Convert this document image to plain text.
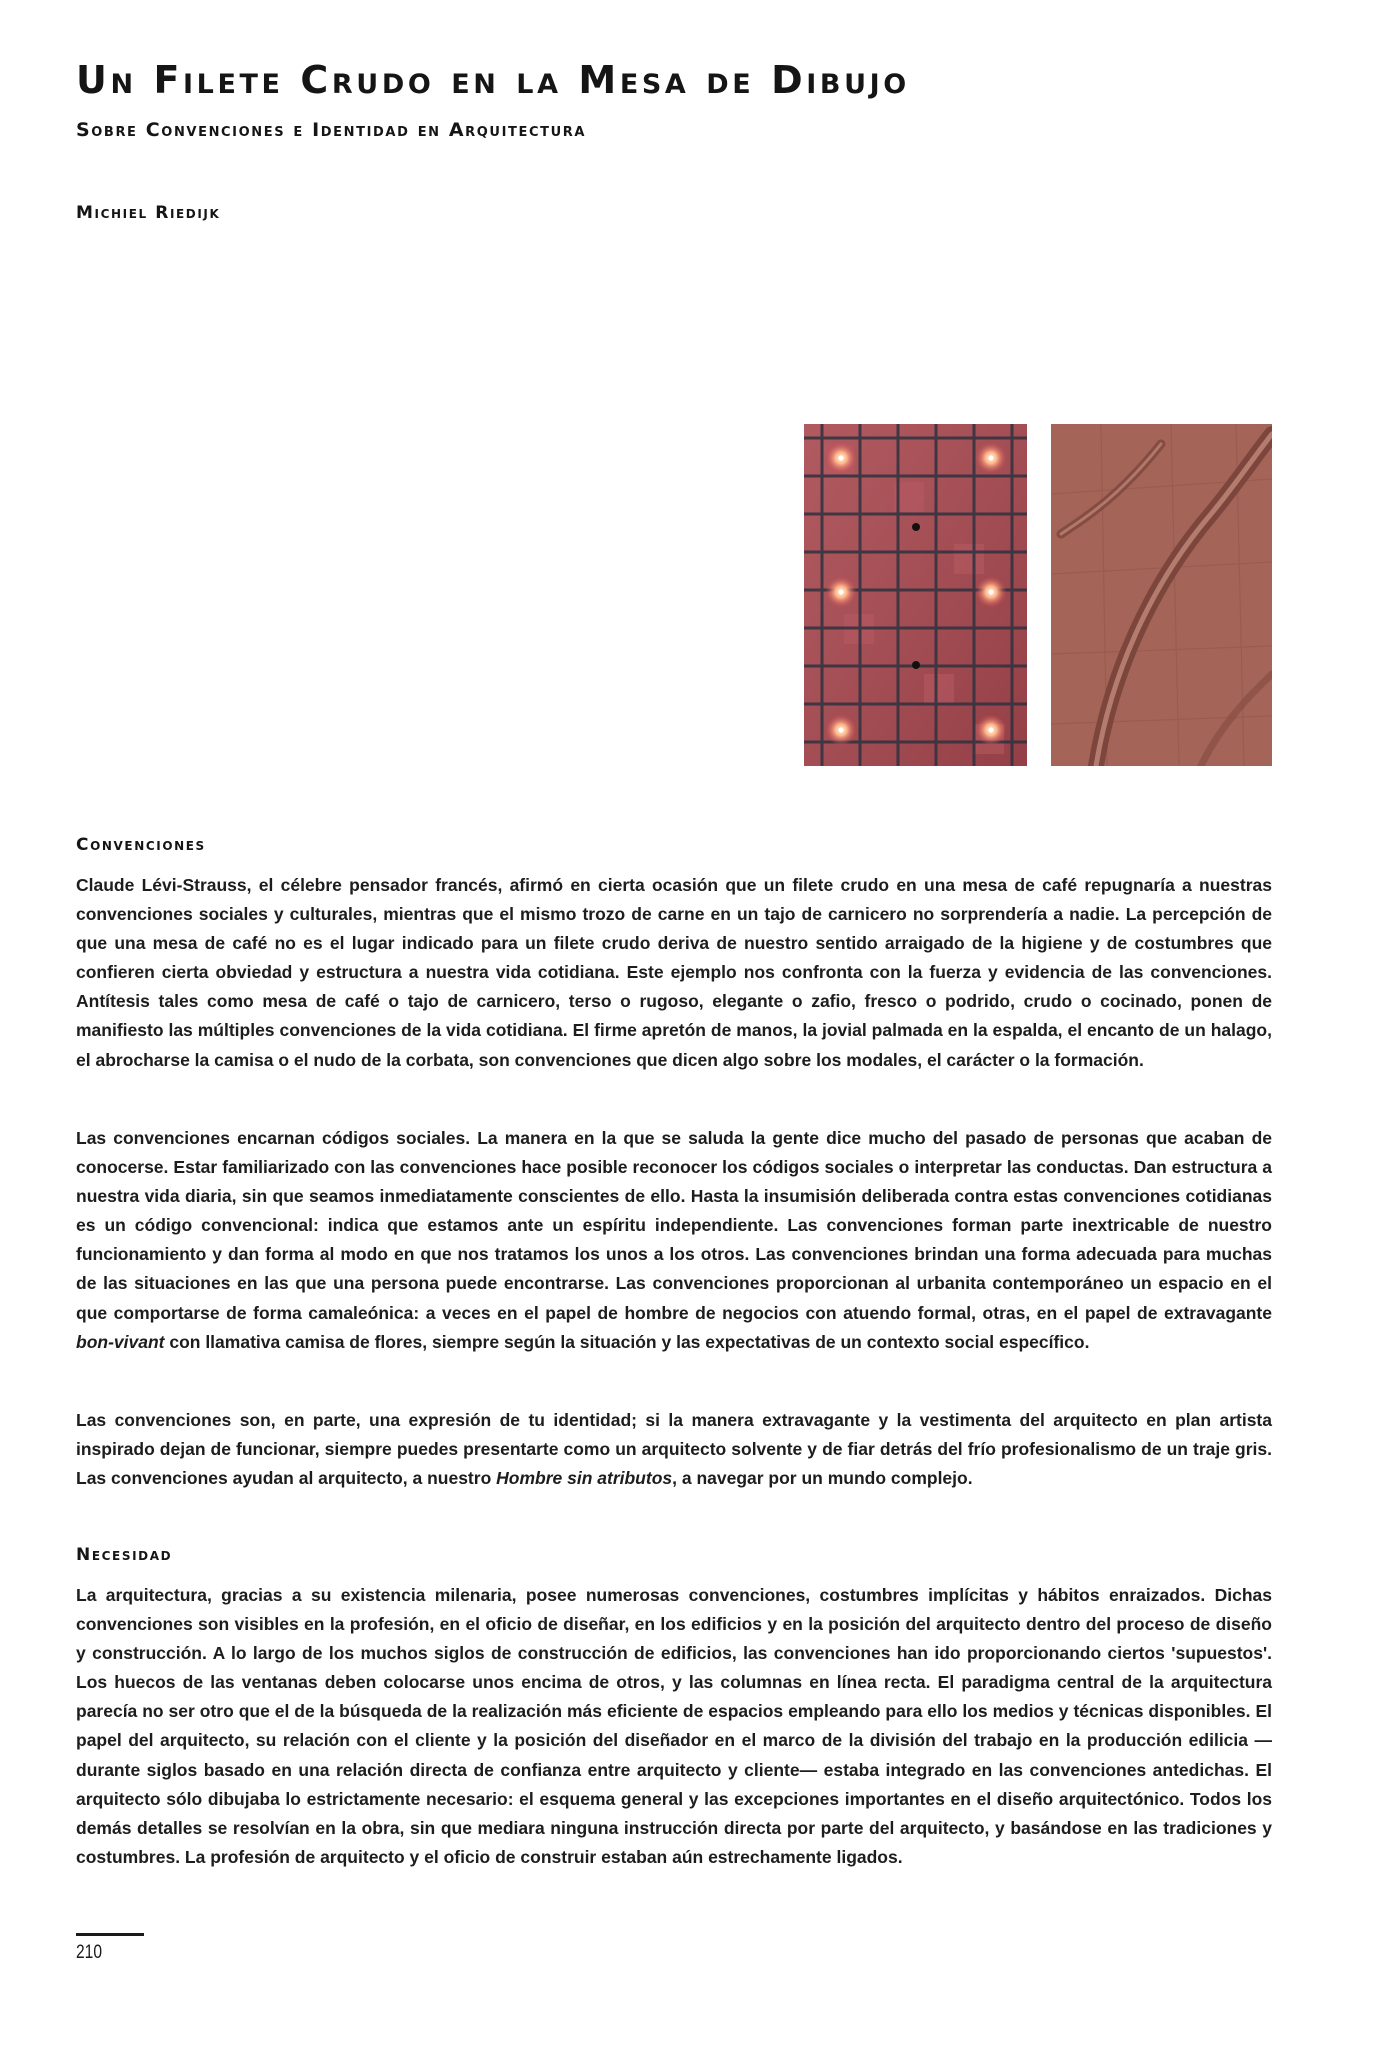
Un Filete Crudo en la Mesa de Dibujo
Sobre Convenciones e Identidad en Arquitectura

Michiel Riedijk

Convenciones

Claude Lévi-Strauss, el célebre pensador francés, afirmó en cierta ocasión que un filete crudo en una mesa de café repugnaría a nuestras convenciones sociales y culturales, mientras que el mismo trozo de carne en un tajo de carnicero no sorprendería a nadie. La percepción de que una mesa de café no es el lugar indicado para un filete crudo deriva de nuestro sentido arraigado de la higiene y de costumbres que confieren cierta obviedad y estructura a nuestra vida cotidiana. Este ejemplo nos confronta con la fuerza y evidencia de las convenciones. Antítesis tales como mesa de café o tajo de carnicero, terso o rugoso, elegante o zafio, fresco o podrido, crudo o cocinado, ponen de manifiesto las múltiples convenciones de la vida cotidiana. El firme apretón de manos, la jovial palmada en la espalda, el encanto de un halago, el abrocharse la camisa o el nudo de la corbata, son convenciones que dicen algo sobre los modales, el carácter o la formación.

Las convenciones encarnan códigos sociales. La manera en la que se saluda la gente dice mucho del pasado de personas que acaban de conocerse. Estar familiarizado con las convenciones hace posible reconocer los códigos sociales o interpretar las conductas. Dan estructura a nuestra vida diaria, sin que seamos inmediatamente conscientes de ello. Hasta la insumisión deliberada contra estas convenciones cotidianas es un código convencional: indica que estamos ante un espíritu independiente. Las convenciones forman parte inextricable de nuestro funcionamiento y dan forma al modo en que nos tratamos los unos a los otros. Las convenciones brindan una forma adecuada para muchas de las situaciones en las que una persona puede encontrarse. Las convenciones proporcionan al urbanita contemporáneo un espacio en el que comportarse de forma camaleónica: a veces en el papel de hombre de negocios con atuendo formal, otras, en el papel de extravagante bon-vivant con llamativa camisa de flores, siempre según la situación y las expectativas de un contexto social específico.

Las convenciones son, en parte, una expresión de tu identidad; si la manera extravagante y la vestimenta del arquitecto en plan artista inspirado dejan de funcionar, siempre puedes presentarte como un arquitecto solvente y de fiar detrás del frío profesionalismo de un traje gris. Las convenciones ayudan al arquitecto, a nuestro Hombre sin atributos, a navegar por un mundo complejo.

Necesidad

La arquitectura, gracias a su existencia milenaria, posee numerosas convenciones, costumbres implícitas y hábitos enraizados. Dichas convenciones son visibles en la profesión, en el oficio de diseñar, en los edificios y en la posición del arquitecto dentro del proceso de diseño y construcción. A lo largo de los muchos siglos de construcción de edificios, las convenciones han ido proporcionando ciertos 'supuestos'. Los huecos de las ventanas deben colocarse unos encima de otros, y las columnas en línea recta. El paradigma central de la arquitectura parecía no ser otro que el de la búsqueda de la realización más eficiente de espacios empleando para ello los medios y técnicas disponibles. El papel del arquitecto, su relación con el cliente y la posición del diseñador en el marco de la división del trabajo en la producción edilicia —durante siglos basado en una relación directa de confianza entre arquitecto y cliente— estaba integrado en las convenciones antedichas. El arquitecto sólo dibujaba lo estrictamente necesario: el esquema general y las excepciones importantes en el diseño arquitectónico. Todos los demás detalles se resolvían en la obra, sin que mediara ninguna instrucción directa por parte del arquitecto, y basándose en las tradiciones y costumbres. La profesión de arquitecto y el oficio de construir estaban aún estrechamente ligados.

210
